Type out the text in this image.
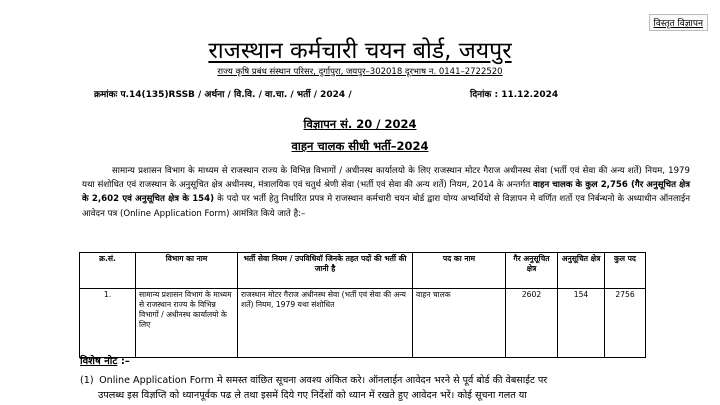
विस्तृत विज्ञापन
राजस्थान कर्मचारी चयन बोर्ड, जयपुर
राज्य कृषि प्रबंध संस्थान परिसर, दुर्गापुरा, जयपुर–302018 दूरभाष न. 0141–2722520
क्रमांकः प.14(135)RSSB / अर्थना / वि.वि. / वा.चा. / भर्ती / 2024 /	दिनांक : 11.12.2024
विज्ञापन सं. 20 / 2024
वाहन चालक सीधी भर्ती–2024
सामान्य प्रशासन विभाग के माध्यम से राजस्थान राज्य के विभिन्न विभागों / अधीनस्थ कार्यालयो के लिए राजस्थान मोटर गैराज अधीनस्थ सेवा (भर्ती एवं सेवा की अन्य शर्ते) नियम, 1979 यथा संशोधित एवं राजस्थान के अनुसूचित क्षेत्र अधीनस्थ, मंत्रालयिक एवं चतुर्थ श्रेणी सेवा (भर्ती एवं सेवा की अन्य शर्ते) नियम, 2014 के अन्तर्गत वाहन चालक के कुल 2,756 (गैर अनुसूचित क्षेत्र के 2,602 एवं अनुसूचित क्षेत्र के 154) के पदो पर भर्ती हेतु निर्धारित प्रपत्र मे राजस्थान कर्मचारी चयन बोर्ड द्वारा योग्य अभ्यर्थियो से विज्ञापन मे वर्णित शर्तो एव निर्बन्धनो के अध्याधीन ऑनलाईन आवेदन पत्र (Online Application Form) आमंत्रित किये जाते है:–
क्र.सं.	विभाग का नाम	भर्ती सेवा नियम / उपविधियॉ जिनके तहत पदों की भर्ती की जानी है	पद का नाम	गैर अनुसूचित क्षेत्र	अनुसूचित क्षेत्र	कुल पद
1.	सामान्य प्रशासन विभाग के माध्यम से राजस्थान राज्य के विभिन्न विभागों / अधीनस्थ कार्यालयो के लिए	राजस्थान मोटर गैराज अधीनस्थ सेवा (भर्ती एवं सेवा की अन्य शर्ते) नियम, 1979 यथा संशोधित	वाहन चालक	2602	154	2756
विशेष नोट :–
(1) Online Application Form मे समस्त वांछित सूचना अवश्य अंकित करे। ऑनलाईन आवेदन भरने से पूर्व बोर्ड की वेबसाईट पर
उपलब्ध इस विज्ञप्ति को ध्यानपूर्वक पढ ले तथा इसमें दिये गए निर्देशों को ध्यान में रखते हुए आवेदन भरें। कोई सूचना गलत या
